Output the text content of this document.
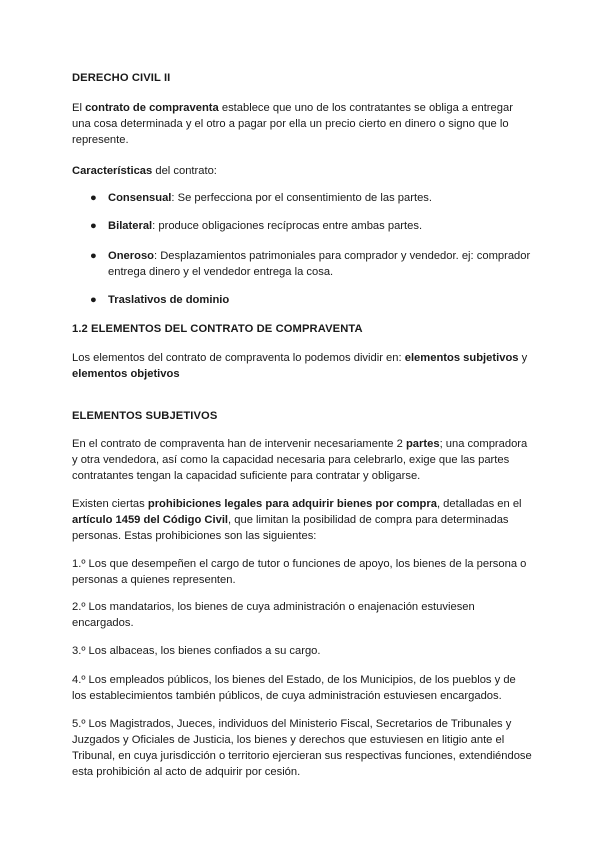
DERECHO CIVIL II

El contrato de compraventa establece que uno de los contratantes se obliga a entregar una cosa determinada y el otro a pagar por ella un precio cierto en dinero o signo que lo represente.

Características del contrato:

● Consensual: Se perfecciona por el consentimiento de las partes.
● Bilateral: produce obligaciones recíprocas entre ambas partes.
● Oneroso: Desplazamientos patrimoniales para comprador y vendedor. ej: comprador entrega dinero y el vendedor entrega la cosa.
● Traslativos de dominio

1.2 ELEMENTOS DEL CONTRATO DE COMPRAVENTA

Los elementos del contrato de compraventa lo podemos dividir en: elementos subjetivos y elementos objetivos

ELEMENTOS SUBJETIVOS

En el contrato de compraventa han de intervenir necesariamente 2 partes; una compradora y otra vendedora, así como la capacidad necesaria para celebrarlo, exige que las partes contratantes tengan la capacidad suficiente para contratar y obligarse.

Existen ciertas prohibiciones legales para adquirir bienes por compra, detalladas en el artículo 1459 del Código Civil, que limitan la posibilidad de compra para determinadas personas. Estas prohibiciones son las siguientes:

1.º Los que desempeñen el cargo de tutor o funciones de apoyo, los bienes de la persona o personas a quienes representen.

2.º Los mandatarios, los bienes de cuya administración o enajenación estuviesen encargados.

3.º Los albaceas, los bienes confiados a su cargo.

4.º Los empleados públicos, los bienes del Estado, de los Municipios, de los pueblos y de los establecimientos también públicos, de cuya administración estuviesen encargados.

5.º Los Magistrados, Jueces, individuos del Ministerio Fiscal, Secretarios de Tribunales y Juzgados y Oficiales de Justicia, los bienes y derechos que estuviesen en litigio ante el Tribunal, en cuya jurisdicción o territorio ejercieran sus respectivas funciones, extendiéndose esta prohibición al acto de adquirir por cesión.
